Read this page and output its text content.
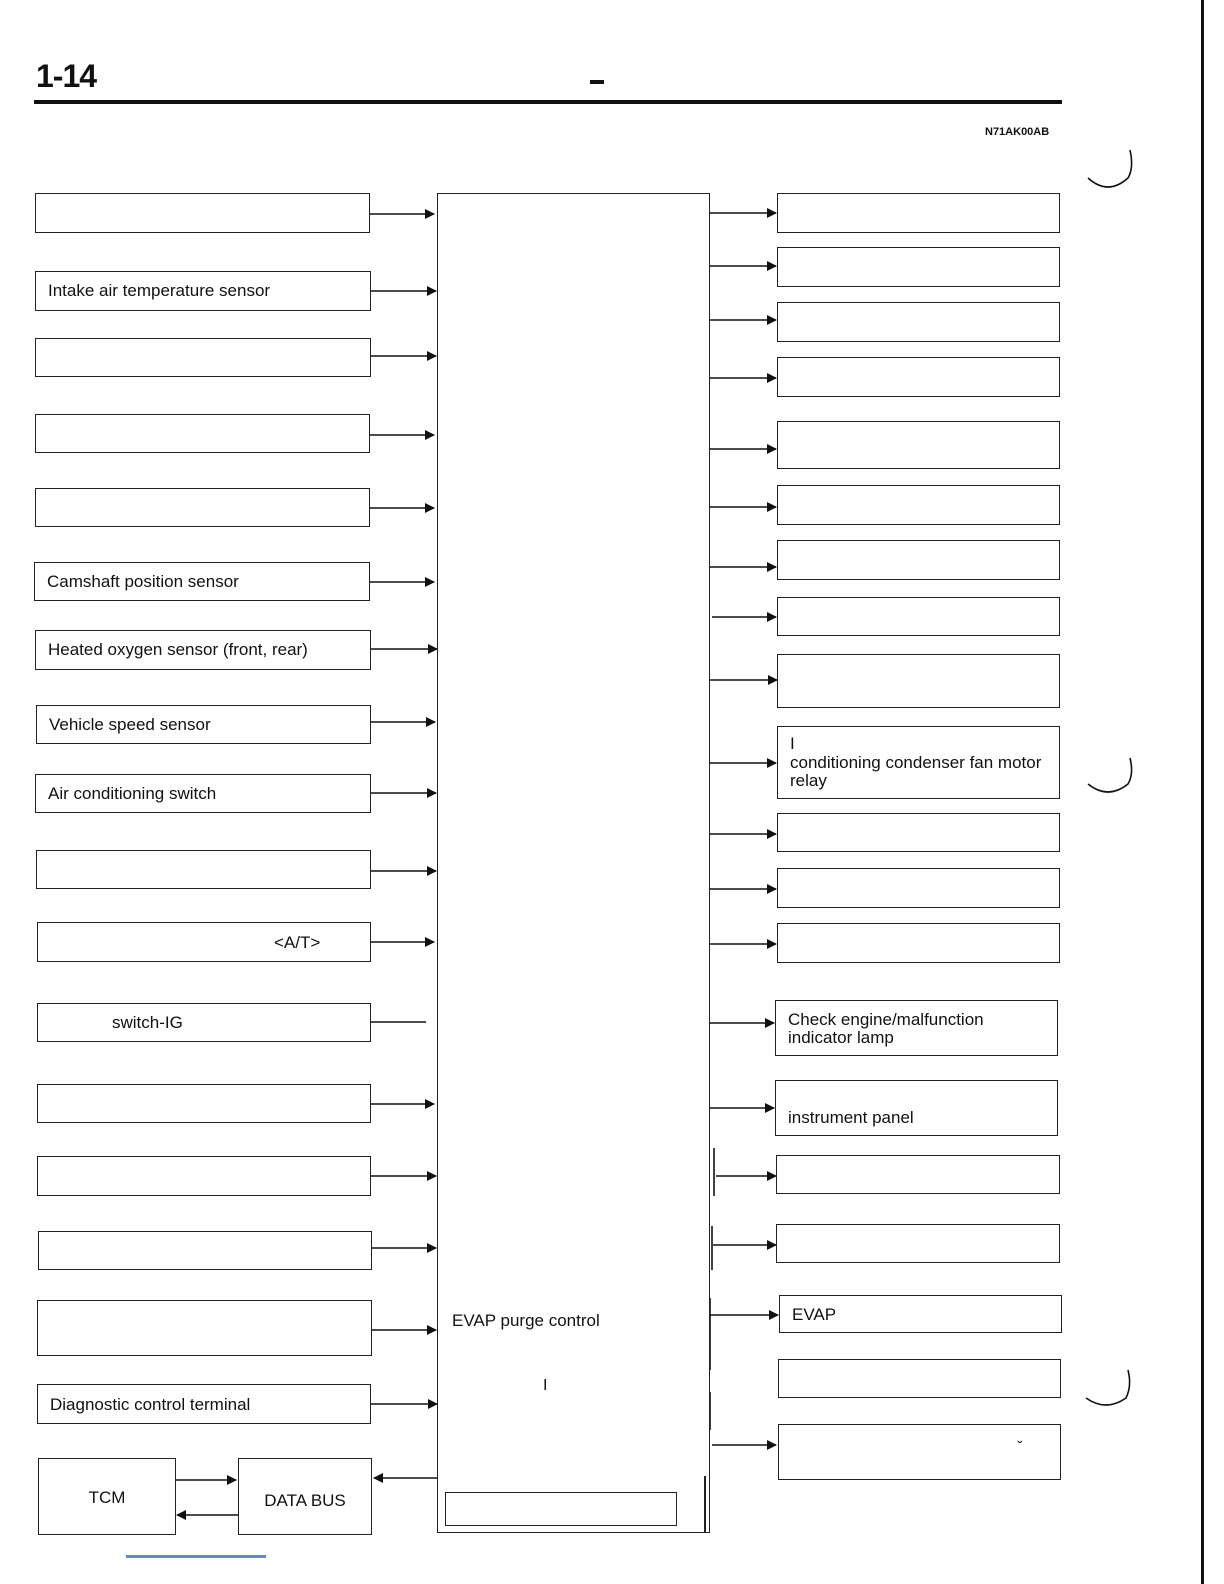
1-14
N71AK00AB
Intake air temperature sensor
Camshaft position sensor
Heated oxygen sensor (front, rear)
Vehicle speed sensor
Air conditioning switch
<A/T>
switch-IG
Diagnostic control terminal
EVAP purge control
I
I
conditioning condenser fan motor
relay
Check engine/malfunction
indicator lamp
instrument panel
EVAP
ˇ
TCM	DATA BUS
